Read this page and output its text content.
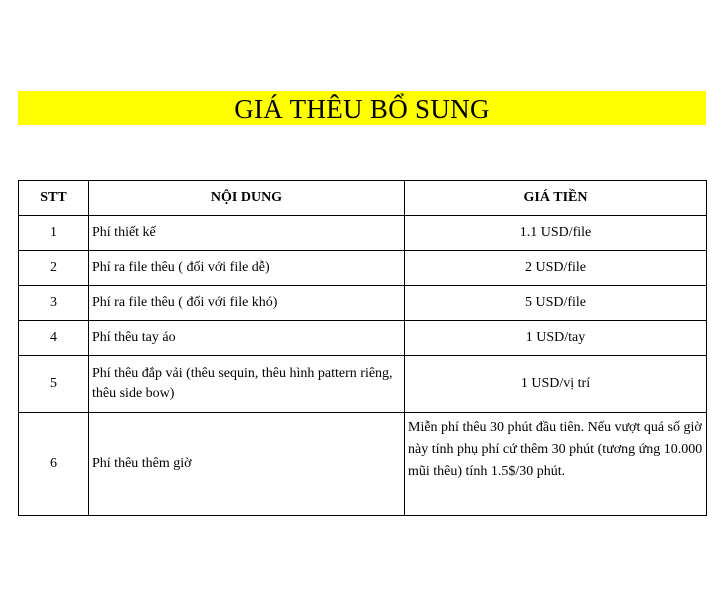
GIÁ THÊU BỔ SUNG
STT	NỘI DUNG	GIÁ TIỀN
1	Phí thiết kế	1.1 USD/file
2	Phí ra file thêu ( đối với file dễ)	2 USD/file
3	Phí ra file thêu ( đối với file khó)	5 USD/file
4	Phí thêu tay áo	1 USD/tay
5	Phí thêu đắp vải (thêu sequin, thêu hình pattern riêng, thêu side bow)	1 USD/vị trí
6	Phí thêu thêm giờ	Miễn phí thêu 30 phút đầu tiên. Nếu vượt quá số giờ này tính phụ phí cứ thêm 30 phút (tương ứng 10.000 mũi thêu) tính 1.5$/30 phút.
